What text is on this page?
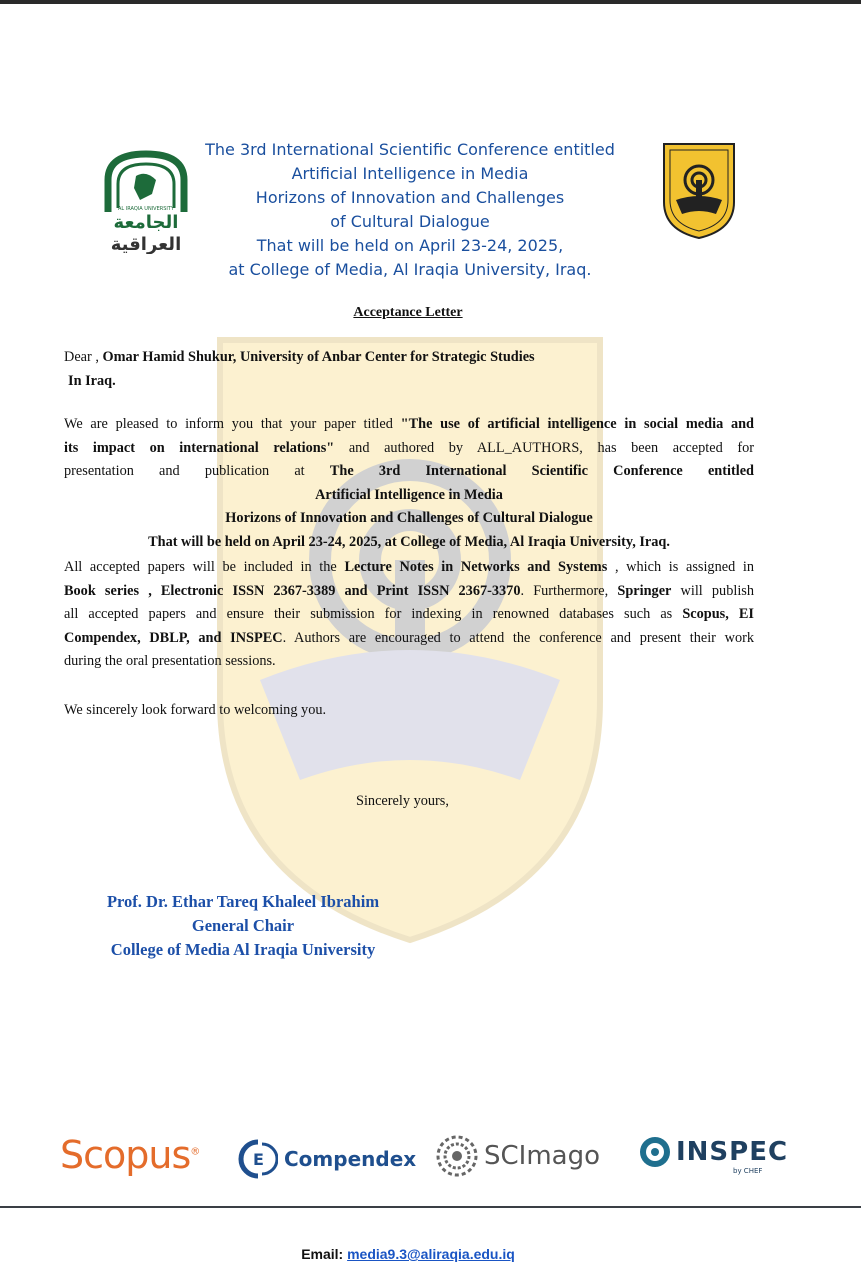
AL IRAQIA UNIVERSITY
الجامعة
العراقية
The 3rd International Scientific Conference entitled
Artificial Intelligence in Media
Horizons of Innovation and Challenges
of Cultural Dialogue
That will be held on April 23-24, 2025,
at College of Media, Al Iraqia University, Iraq.
Acceptance Letter
Dear , Omar Hamid Shukur, University of Anbar Center for Strategic Studies
In Iraq.
We are pleased to inform you that your paper titled "The use of artificial intelligence in social media and
its impact on international relations" and authored by ALL_AUTHORS, has been accepted for
presentation and publication at The 3rd International Scientific Conference entitled
Artificial Intelligence in Media
Horizons of Innovation and Challenges of Cultural Dialogue
That will be held on April 23-24, 2025, at College of Media, Al Iraqia University, Iraq.
All accepted papers will be included in the Lecture Notes in Networks and Systems , which is assigned in
Book series , Electronic ISSN 2367-3389 and Print ISSN 2367-3370. Furthermore, Springer will publish
all accepted papers and ensure their submission for indexing in renowned databases such as Scopus, EI
Compendex, DBLP, and INSPEC. Authors are encouraged to attend the conference and present their work
during the oral presentation sessions.
We sincerely look forward to welcoming you.
Sincerely yours,
Prof. Dr. Ethar Tareq Khaleel Ibrahim
General Chair
College of Media Al Iraqia University
Scopus®	E Compendex	SCImago	INSPEC
by CHEF
Email: media9.3@aliraqia.edu.iq
